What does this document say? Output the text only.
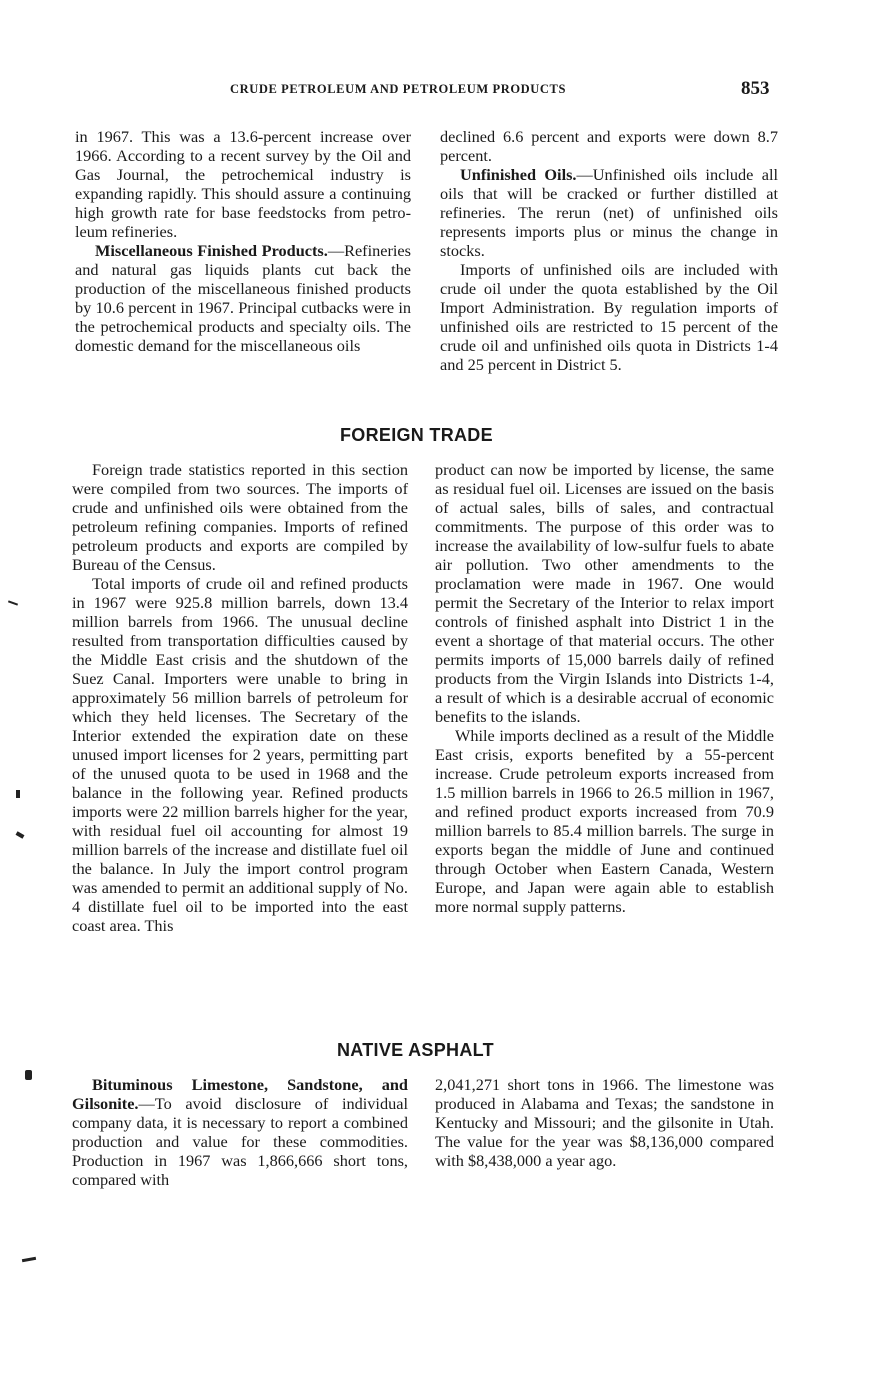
CRUDE PETROLEUM AND PETROLEUM PRODUCTS	853

in 1967. This was a 13.6-percent increase over 1966. According to a recent survey by the Oil and Gas Journal, the petrochemical industry is expanding rapidly. This should assure a continuing high growth rate for base feedstocks from petroleum refineries.

Miscellaneous Finished Products.—Refineries and natural gas liquids plants cut back the production of the miscellaneous finished products by 10.6 percent in 1967. Principal cutbacks were in the petrochemical products and specialty oils. The domestic demand for the miscellaneous oils

declined 6.6 percent and exports were down 8.7 percent.

Unfinished Oils.—Unfinished oils include all oils that will be cracked or further distilled at refineries. The rerun (net) of unfinished oils represents imports plus or minus the change in stocks.

Imports of unfinished oils are included with crude oil under the quota established by the Oil Import Administration. By regulation imports of unfinished oils are restricted to 15 percent of the crude oil and unfinished oils quota in Districts 1-4 and 25 percent in District 5.

FOREIGN TRADE

Foreign trade statistics reported in this section were compiled from two sources. The imports of crude and unfinished oils were obtained from the petroleum refining companies. Imports of refined petroleum products and exports are compiled by Bureau of the Census.

Total imports of crude oil and refined products in 1967 were 925.8 million barrels, down 13.4 million barrels from 1966. The unusual decline resulted from transportation difficulties caused by the Middle East crisis and the shutdown of the Suez Canal. Importers were unable to bring in approximately 56 million barrels of petroleum for which they held licenses. The Secretary of the Interior extended the expiration date on these unused import licenses for 2 years, permitting part of the unused quota to be used in 1968 and the balance in the following year. Refined products imports were 22 million barrels higher for the year, with residual fuel oil accounting for almost 19 million barrels of the increase and distillate fuel oil the balance. In July the import control program was amended to permit an additional supply of No. 4 distillate fuel oil to be imported into the east coast area. This

product can now be imported by license, the same as residual fuel oil. Licenses are issued on the basis of actual sales, bills of sales, and contractual commitments. The purpose of this order was to increase the availability of low-sulfur fuels to abate air pollution. Two other amendments to the proclamation were made in 1967. One would permit the Secretary of the Interior to relax import controls of finished asphalt into District 1 in the event a shortage of that material occurs. The other permits imports of 15,000 barrels daily of refined products from the Virgin Islands into Districts 1-4, a result of which is a desirable accrual of economic benefits to the islands.

While imports declined as a result of the Middle East crisis, exports benefited by a 55-percent increase. Crude petroleum exports increased from 1.5 million barrels in 1966 to 26.5 million in 1967, and refined product exports increased from 70.9 million barrels to 85.4 million barrels. The surge in exports began the middle of June and continued through October when Eastern Canada, Western Europe, and Japan were again able to establish more normal supply patterns.

NATIVE ASPHALT

Bituminous Limestone, Sandstone, and Gilsonite.—To avoid disclosure of individual company data, it is necessary to report a combined production and value for these commodities. Production in 1967 was 1,866,666 short tons, compared with

2,041,271 short tons in 1966. The limestone was produced in Alabama and Texas; the sandstone in Kentucky and Missouri; and the gilsonite in Utah. The value for the year was $8,136,000 compared with $8,438,000 a year ago.
